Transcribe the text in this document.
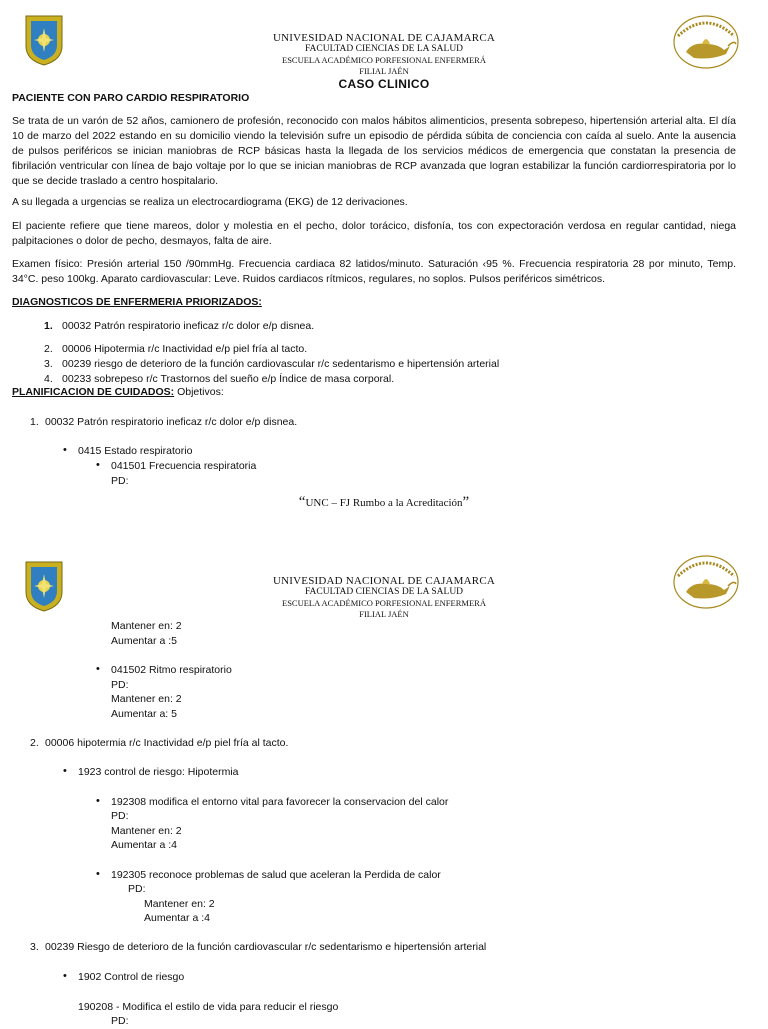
UNIVESIDAD NACIONAL DE CAJAMARCA
FACULTAD CIENCIAS DE LA SALUD
ESCUELA ACADÉMICO PORFESIONAL ENFERMERÁ
FILIAL JAÉN
CASO CLINICO
PACIENTE CON PARO CARDIO RESPIRATORIO
Se trata de un varón de 52 años, camionero de profesión, reconocido con malos hábitos alimenticios, presenta sobrepeso, hipertensión arterial alta. El día 10 de marzo del 2022 estando en su domicilio viendo la televisión sufre un episodio de pérdida súbita de conciencia con caída al suelo. Ante la ausencia de pulsos periféricos se inician maniobras de RCP básicas hasta la llegada de los servicios médicos de emergencia que constatan la presencia de fibrilación ventricular con línea de bajo voltaje por lo que se inician maniobras de RCP avanzada que logran estabilizar la función cardiorrespiratoria por lo que se decide traslado a centro hospitalario.
A su llegada a urgencias se realiza un electrocardiograma (EKG) de 12 derivaciones.
El paciente refiere que tiene mareos, dolor y molestia en el pecho, dolor torácico, disfonía, tos con expectoración verdosa en regular cantidad, niega palpitaciones o dolor de pecho, desmayos, falta de aire.
Examen físico: Presión arterial 150 /90mmHg. Frecuencia cardiaca 82 latidos/minuto. Saturación ‹95 %. Frecuencia respiratoria 28 por minuto, Temp. 34°C. peso 100kg. Aparato cardiovascular: Leve. Ruidos cardiacos rítmicos, regulares, no soplos. Pulsos periféricos simétricos.
DIAGNOSTICOS DE ENFERMERIA PRIORIZADOS:
1. 00032 Patrón respiratorio ineficaz r/c dolor e/p disnea.
2. 00006 Hipotermia r/c Inactividad e/p piel fría al tacto.
3. 00239 riesgo de deterioro de la función cardiovascular r/c sedentarismo e hipertensión arterial
4. 00233 sobrepeso r/c Trastornos del sueño e/p Índice de masa corporal.
PLANIFICACION DE CUIDADOS: Objetivos:
1. 00032 Patrón respiratorio ineficaz r/c dolor e/p disnea.
• 0415 Estado respiratorio
• 041501 Frecuencia respiratoria
PD:
“UNC – FJ Rumbo a la Acreditación”
UNIVESIDAD NACIONAL DE CAJAMARCA
FACULTAD CIENCIAS DE LA SALUD
ESCUELA ACADÉMICO PORFESIONAL ENFERMERÁ
FILIAL JAÉN
Mantener en: 2
Aumentar a :5
• 041502 Ritmo respiratorio
PD:
Mantener en: 2
Aumentar a: 5
2. 00006 hipotermia r/c Inactividad e/p piel fría al tacto.
• 1923 control de riesgo: Hipotermia
• 192308 modifica el entorno vital para favorecer la conservacion del calor
PD:
Mantener en: 2
Aumentar a :4
• 192305 reconoce problemas de salud que aceleran la Perdida de calor
PD:
Mantener en: 2
Aumentar a :4
3. 00239 Riesgo de deterioro de la función cardiovascular r/c sedentarismo e hipertensión arterial
• 1902 Control de riesgo
190208 - Modifica el estilo de vida para reducir el riesgo
PD:
